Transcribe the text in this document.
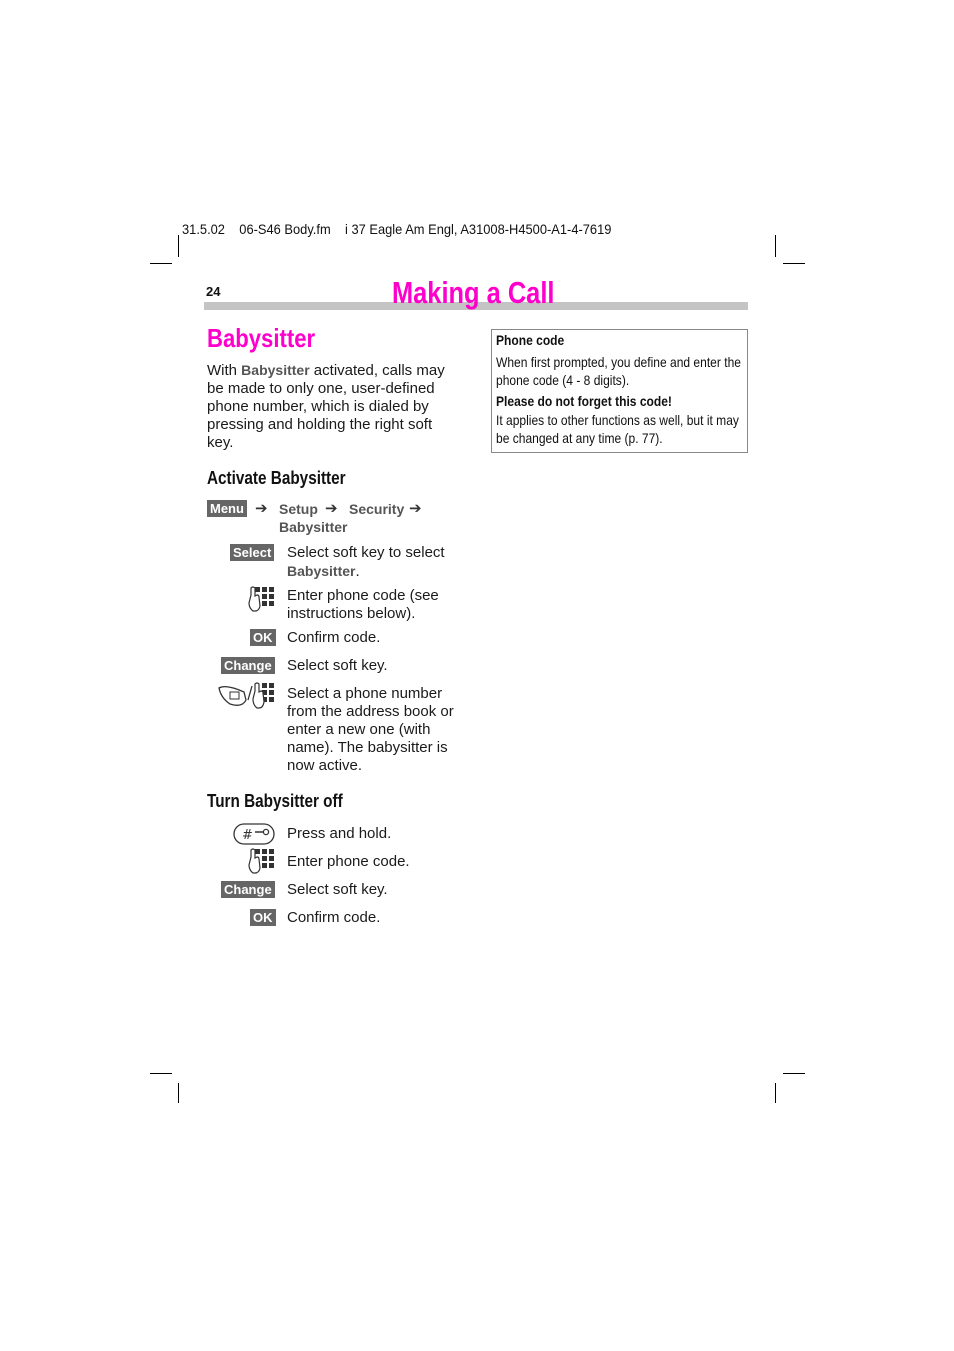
31.5.02 06-S46 Body.fm i 37 Eagle Am Engl, A31008-H4500-A1-4-7619
24	Making a Call
Babysitter
With Babysitter activated, calls may be made to only one, user-defined phone number, which is dialed by pressing and holding the right soft key.
Activate Babysitter
Menu ➔ Setup ➔ Security ➔
Babysitter
Select Select soft key to select Babysitter.
Enter phone code (see instructions below).
OK Confirm code.
Change Select soft key.
Select a phone number from the address book or enter a new one (with name). The babysitter is now active.
Turn Babysitter off
# Press and hold.
Enter phone code.
Change Select soft key.
OK Confirm code.
Phone code
When first prompted, you define and enter the phone code (4 - 8 digits).
Please do not forget this code!
It applies to other functions as well, but it may be changed at any time (p. 77).
